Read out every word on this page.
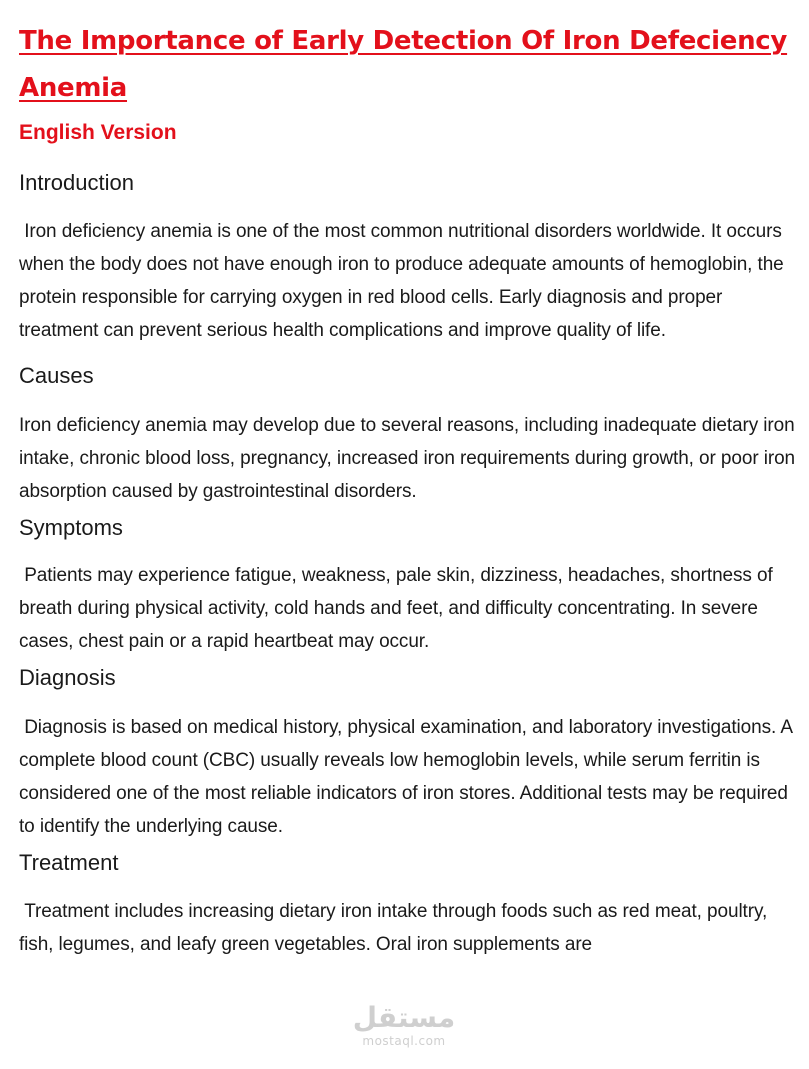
The Importance of Early Detection Of Iron Defeciency Anemia
English Version
Introduction

Iron deficiency anemia is one of the most common nutritional disorders worldwide. It occurs when the body does not have enough iron to produce adequate amounts of hemoglobin, the protein responsible for carrying oxygen in red blood cells. Early diagnosis and proper treatment can prevent serious health complications and improve quality of life.

Causes

Iron deficiency anemia may develop due to several reasons, including inadequate dietary iron intake, chronic blood loss, pregnancy, increased iron requirements during growth, or poor iron absorption caused by gastrointestinal disorders.

Symptoms

Patients may experience fatigue, weakness, pale skin, dizziness, headaches, shortness of breath during physical activity, cold hands and feet, and difficulty concentrating. In severe cases, chest pain or a rapid heartbeat may occur.

Diagnosis

Diagnosis is based on medical history, physical examination, and laboratory investigations. A complete blood count (CBC) usually reveals low hemoglobin levels, while serum ferritin is considered one of the most reliable indicators of iron stores. Additional tests may be required to identify the underlying cause.

Treatment

Treatment includes increasing dietary iron intake through foods such as red meat, poultry, fish, legumes, and leafy green vegetables. Oral iron supplements are

مستقل
mostaql.com
